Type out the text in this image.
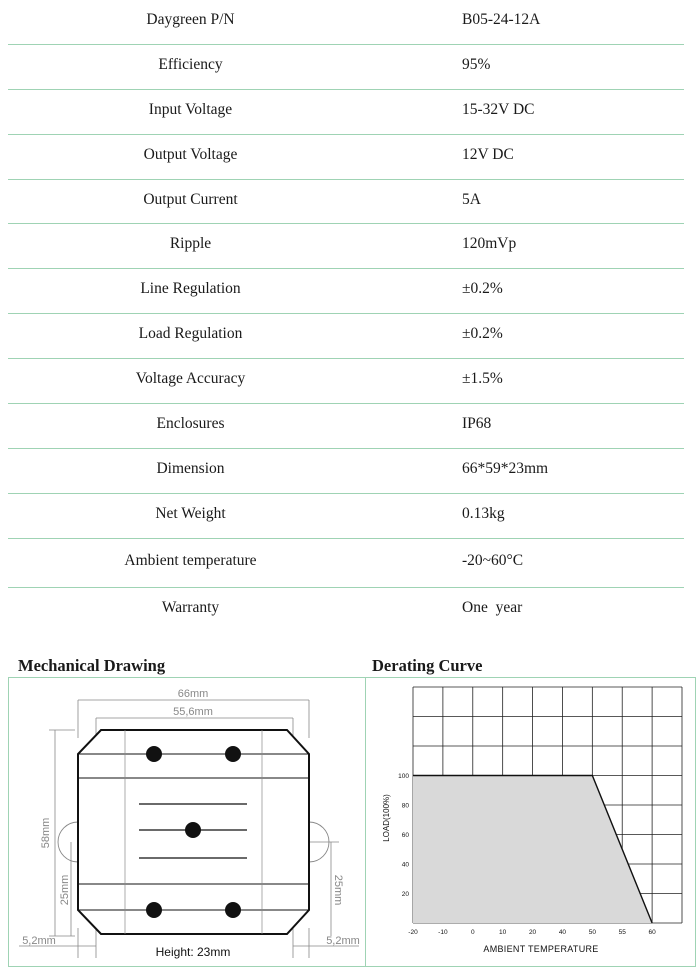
Daygreen P/N	B05-24-12A
Efficiency	95%
Input Voltage	15-32V DC
Output Voltage	12V DC
Output Current	5A
Ripple	120mVp
Line Regulation	±0.2%
Load Regulation	±0.2%
Voltage Accuracy	±1.5%
Enclosures	IP68
Dimension	66*59*23mm
Net Weight	0.13kg
Ambient temperature	-20~60°C
Warranty	One  year
Mechanical Drawing	Derating Curve
66mm
55,6mm
58mm
25mm	25mm
5,2mm	5,2mm
Height: 23mm
-20	-10	0	10	20	40	50	55	60
20
40
60
80
100
LOAD(100%)
AMBIENT TEMPERATURE
